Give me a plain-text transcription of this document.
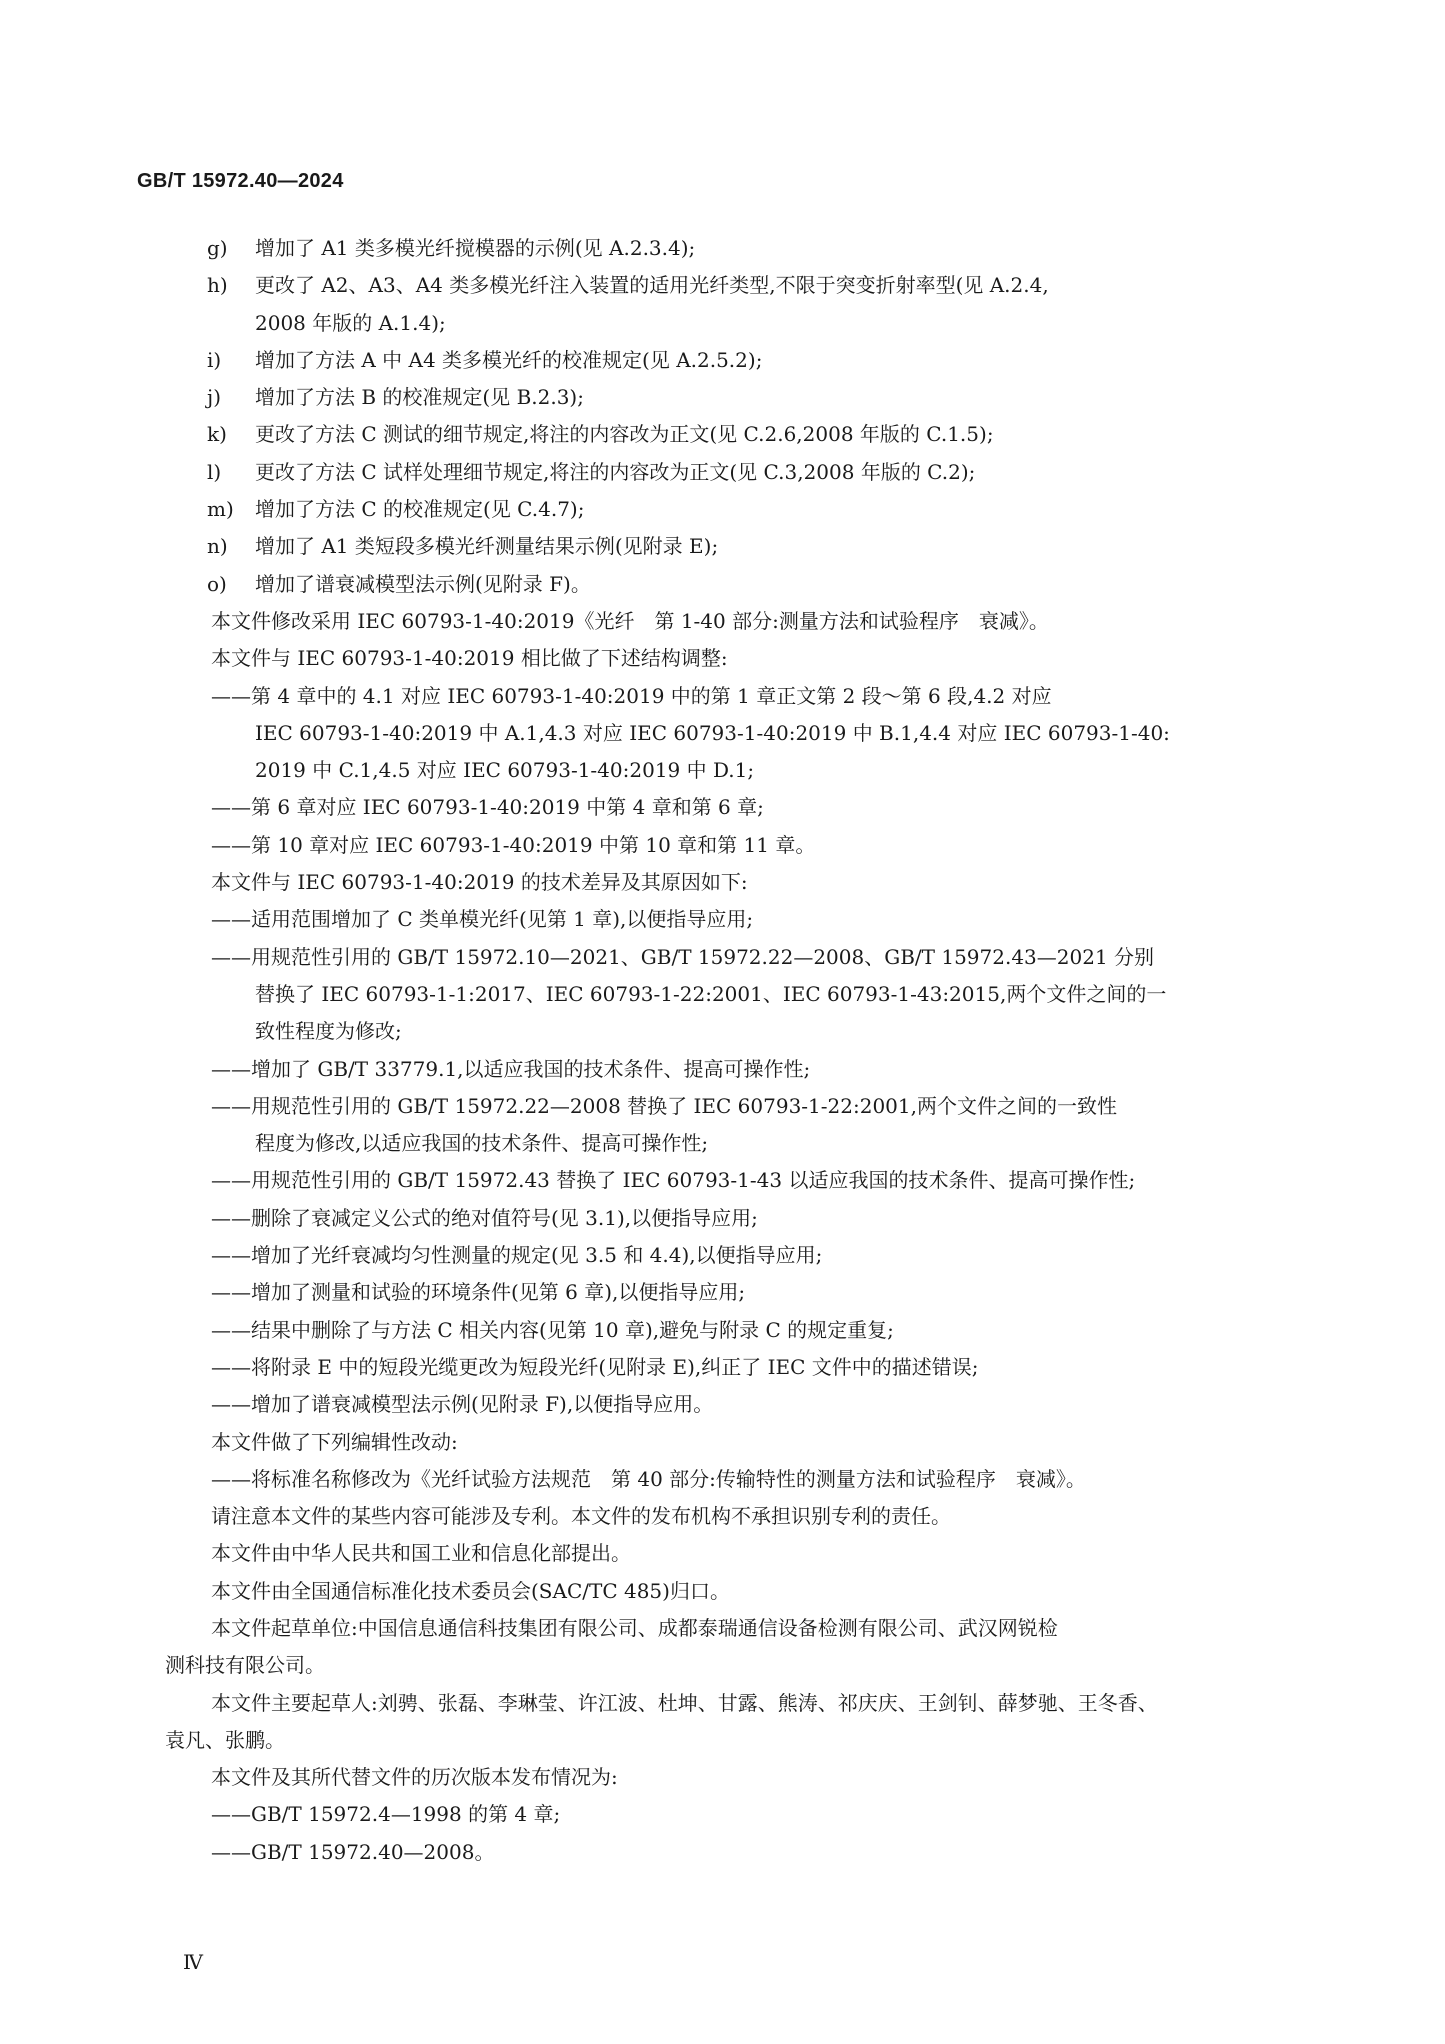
GB/T 15972.40—2024
g) 增加了 A1 类多模光纤搅模器的示例(见 A.2.3.4);
h) 更改了 A2、A3、A4 类多模光纤注入装置的适用光纤类型,不限于突变折射率型(见 A.2.4,
2008 年版的 A.1.4);
i) 增加了方法 A 中 A4 类多模光纤的校准规定(见 A.2.5.2);
j) 增加了方法 B 的校准规定(见 B.2.3);
k) 更改了方法 C 测试的细节规定,将注的内容改为正文(见 C.2.6,2008 年版的 C.1.5);
l) 更改了方法 C 试样处理细节规定,将注的内容改为正文(见 C.3,2008 年版的 C.2);
m) 增加了方法 C 的校准规定(见 C.4.7);
n) 增加了 A1 类短段多模光纤测量结果示例(见附录 E);
o) 增加了谱衰减模型法示例(见附录 F)。
本文件修改采用 IEC 60793-1-40:2019《光纤　第 1-40 部分:测量方法和试验程序　衰减》。
本文件与 IEC 60793-1-40:2019 相比做了下述结构调整:
——第 4 章中的 4.1 对应 IEC 60793-1-40:2019 中的第 1 章正文第 2 段～第 6 段,4.2 对应
IEC 60793-1-40:2019 中 A.1,4.3 对应 IEC 60793-1-40:2019 中 B.1,4.4 对应 IEC 60793-1-40:
2019 中 C.1,4.5 对应 IEC 60793-1-40:2019 中 D.1;
——第 6 章对应 IEC 60793-1-40:2019 中第 4 章和第 6 章;
——第 10 章对应 IEC 60793-1-40:2019 中第 10 章和第 11 章。
本文件与 IEC 60793-1-40:2019 的技术差异及其原因如下:
——适用范围增加了 C 类单模光纤(见第 1 章),以便指导应用;
——用规范性引用的 GB/T 15972.10—2021、GB/T 15972.22—2008、GB/T 15972.43—2021 分别
替换了 IEC 60793-1-1:2017、IEC 60793-1-22:2001、IEC 60793-1-43:2015,两个文件之间的一
致性程度为修改;
——增加了 GB/T 33779.1,以适应我国的技术条件、提高可操作性;
——用规范性引用的 GB/T 15972.22—2008 替换了 IEC 60793-1-22:2001,两个文件之间的一致性
程度为修改,以适应我国的技术条件、提高可操作性;
——用规范性引用的 GB/T 15972.43 替换了 IEC 60793-1-43 以适应我国的技术条件、提高可操作性;
——删除了衰减定义公式的绝对值符号(见 3.1),以便指导应用;
——增加了光纤衰减均匀性测量的规定(见 3.5 和 4.4),以便指导应用;
——增加了测量和试验的环境条件(见第 6 章),以便指导应用;
——结果中删除了与方法 C 相关内容(见第 10 章),避免与附录 C 的规定重复;
——将附录 E 中的短段光缆更改为短段光纤(见附录 E),纠正了 IEC 文件中的描述错误;
——增加了谱衰减模型法示例(见附录 F),以便指导应用。
本文件做了下列编辑性改动:
——将标准名称修改为《光纤试验方法规范　第 40 部分:传输特性的测量方法和试验程序　衰减》。
请注意本文件的某些内容可能涉及专利。本文件的发布机构不承担识别专利的责任。
本文件由中华人民共和国工业和信息化部提出。
本文件由全国通信标准化技术委员会(SAC/TC 485)归口。
本文件起草单位:中国信息通信科技集团有限公司、成都泰瑞通信设备检测有限公司、武汉网锐检
测科技有限公司。
本文件主要起草人:刘骋、张磊、李琳莹、许江波、杜坤、甘露、熊涛、祁庆庆、王剑钊、薛梦驰、王冬香、
袁凡、张鹏。
本文件及其所代替文件的历次版本发布情况为:
——GB/T 15972.4—1998 的第 4 章;
——GB/T 15972.40—2008。
Ⅳ
